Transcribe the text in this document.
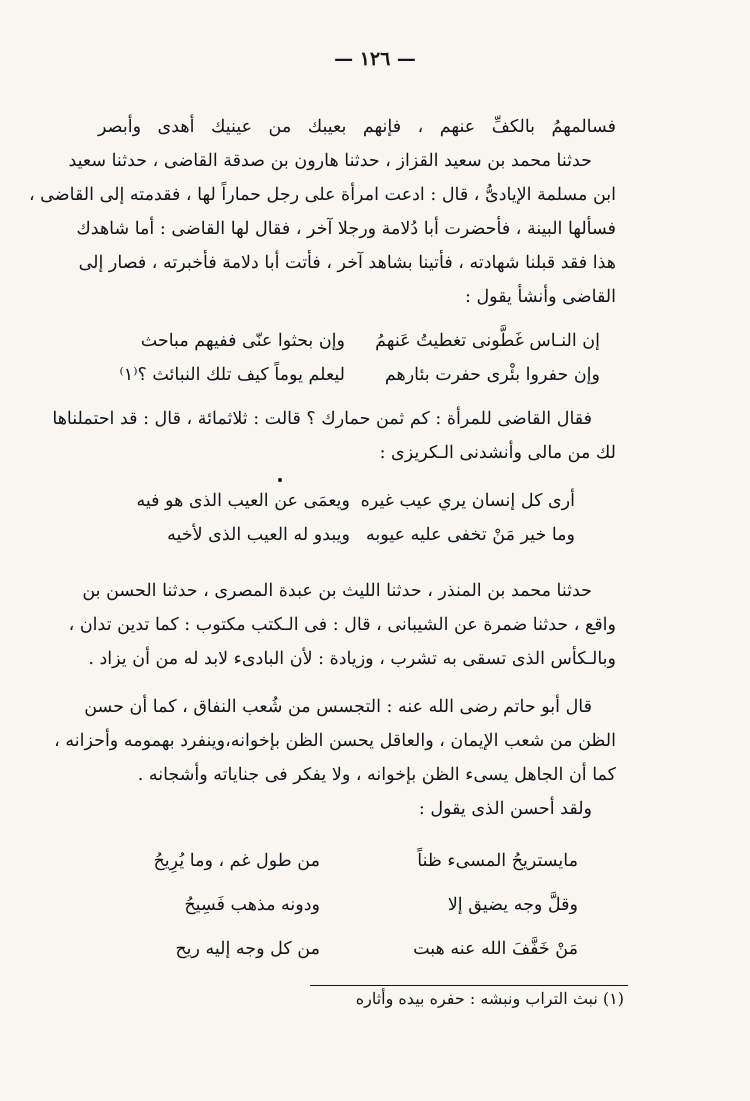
— ١٢٦ —
فسالمهمُ بالكفِّ عنهم ، فإنهم بعيبك من عينيك أهدى وأبصر
حدثنا محمد بن سعيد القزاز ، حدثنا هارون بن صدقة القاضى ، حدثنا سعيد
ابن مسلمة الإيادىُّ ، قال : ادعت امرأة على رجل حماراً لها ، فقدمته إلى القاضى ،
فسألها البينة ، فأحضرت أبا دُلامة ورجلا آخر ، فقال لها القاضى : أما شاهدك
هذا فقد قبلنا شهادته ، فأتينا بشاهد آخر ، فأتت أبا دلامة فأخبرته ، فصار إلى
القاضى وأنشأ يقول :
إن النـاس غَطَّونى تغطيتُ عَنهمُ
وإن بحثوا عنّى ففيهم مباحث
وإن حفروا بئْرى حفرت بئارهم
ليعلم يوماً كيف تلك النبائث ؟⁽١⁾
فقال القاضى للمرأة : كم ثمن حمارك ؟ قالت : ثلاثمائة ، قال : قد احتملناها
لك من مالى وأنشدنى الـكريزى :
أرى كل إنسان يري عيب غيره
ويعمَى عن العيب الذى هو فيه
وما خير مَنْ تخفى عليه عيوبه
ويبدو له العيب الذى لأخيه
حدثنا محمد بن المنذر ، حدثنا الليث بن عبدة المصرى ، حدثنا الحسن بن
واقع ، حدثنا ضمرة عن الشيبانى ، قال : فى الـكتب مكتوب : كما تدين تدان ،
وبالـكأس الذى تسقى به تشرب ، وزيادة : لأن البادىء لابد له من أن يزاد .
قال أبو حاتم رضى الله عنه : التجسس من شُعب النفاق ، كما أن حسن
الظن من شعب الإيمان ، والعاقل يحسن الظن بإخوانه،وينفرد بهمومه وأحزانه ،
كما أن الجاهل يسىء الظن بإخوانه ، ولا يفكر فى جناياته وأشجانه .
ولقد أحسن الذى يقول :
مايستريحُ المسىء ظناً
من طول غم ، وما يُرِيحُ
وقلَّ وجه يضيق إلا
ودونه مذهب فَسِيحُ
مَنْ خَفَّفَ الله عنه هبت
من كل وجه إليه ريح
(١) نبث التراب ونبشه : حفره بيده وأثاره
